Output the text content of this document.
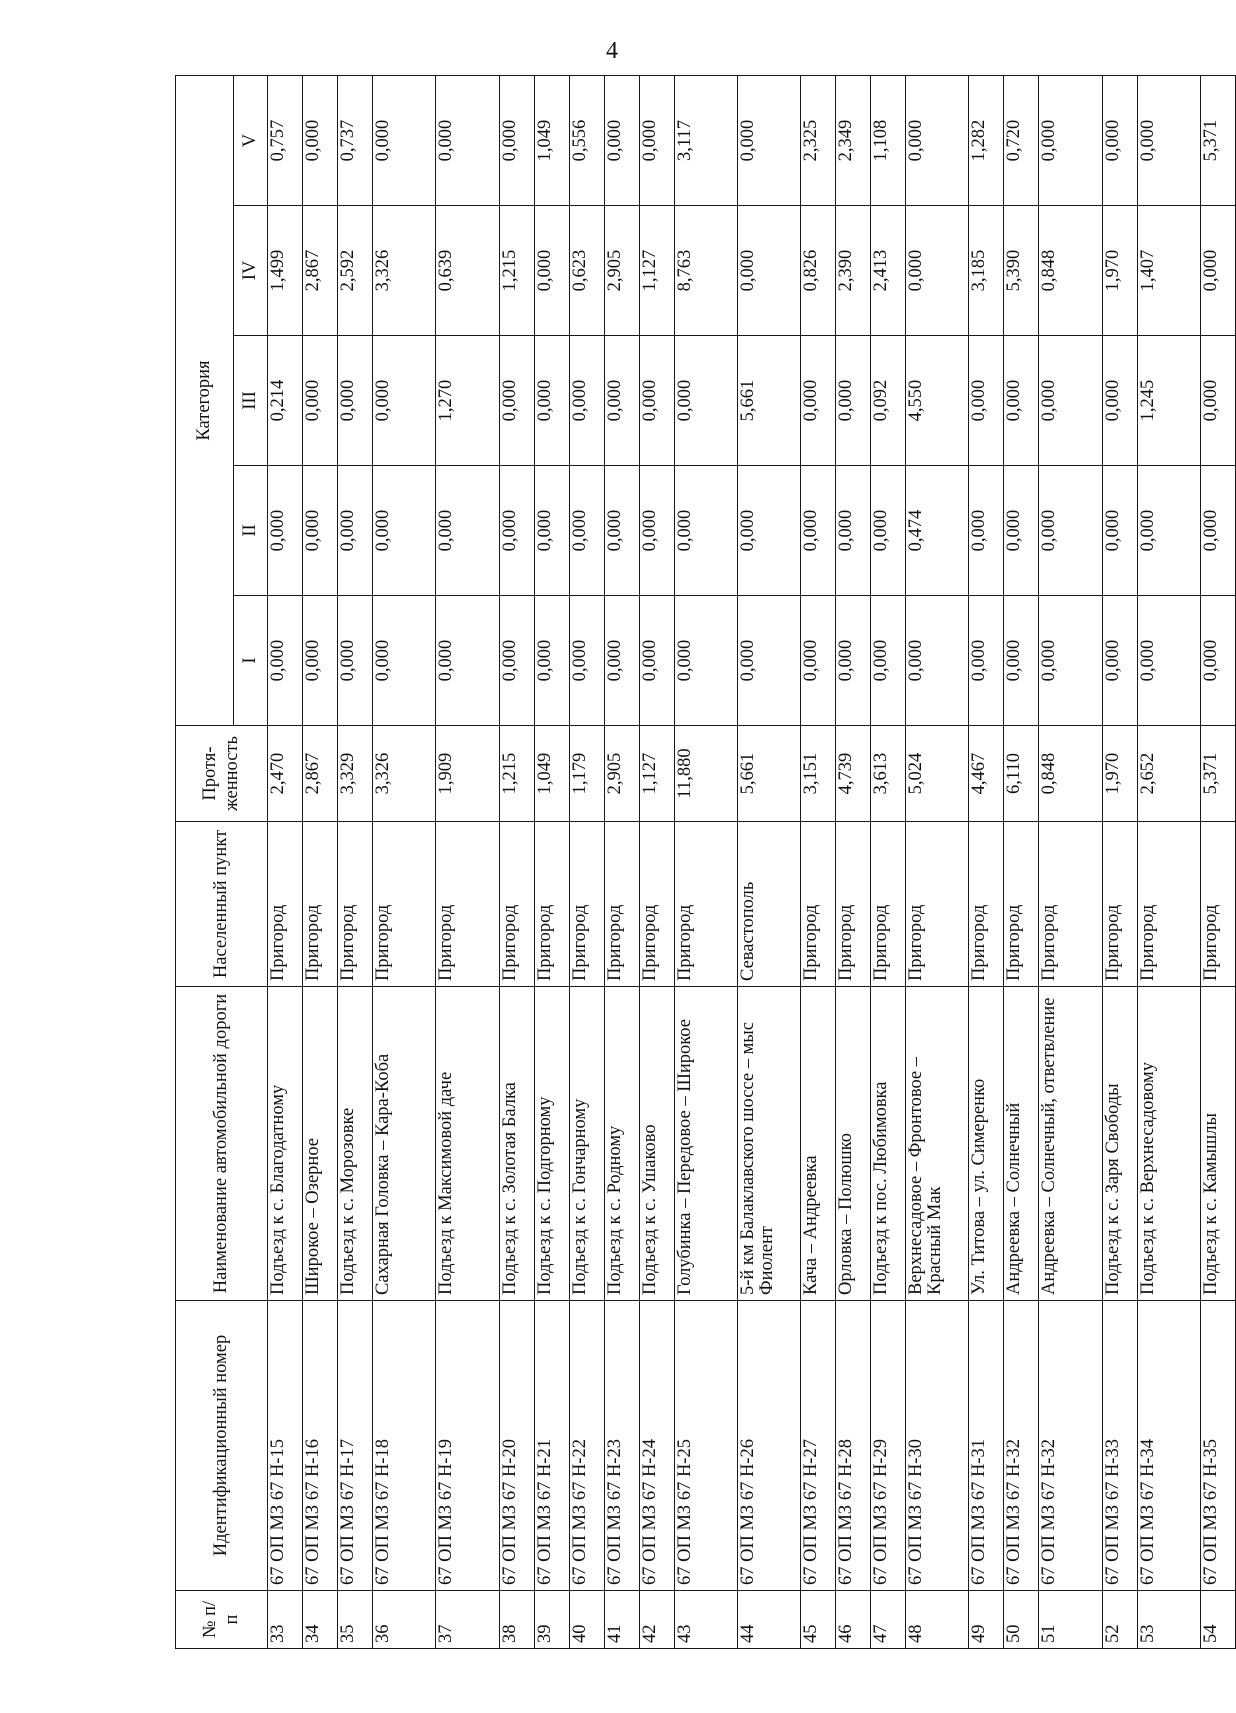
4
№ п/п	Идентификационный номер	Наименование автомобильной дороги	Населенный пункт	Протя-женность	Категория				
					I	II	III	IV	V
33	67 ОП МЗ 67 Н-15	Подъезд к с. Благодатному	Пригород	2,470	0,000	0,000	0,214	1,499	0,757
34	67 ОП МЗ 67 Н-16	Широкое – Озерное	Пригород	2,867	0,000	0,000	0,000	2,867	0,000
35	67 ОП МЗ 67 Н-17	Подъезд к с. Морозовке	Пригород	3,329	0,000	0,000	0,000	2,592	0,737
36	67 ОП МЗ 67 Н-18	Сахарная Головка – Кара-Коба	Пригород	3,326	0,000	0,000	0,000	3,326	0,000
37	67 ОП МЗ 67 Н-19	Подъезд к Максимовой даче	Пригород	1,909	0,000	0,000	1,270	0,639	0,000
38	67 ОП МЗ 67 Н-20	Подъезд к с. Золотая Балка	Пригород	1,215	0,000	0,000	0,000	1,215	0,000
39	67 ОП МЗ 67 Н-21	Подъезд к с. Подгорному	Пригород	1,049	0,000	0,000	0,000	0,000	1,049
40	67 ОП МЗ 67 Н-22	Подъезд к с. Гончарному	Пригород	1,179	0,000	0,000	0,000	0,623	0,556
41	67 ОП МЗ 67 Н-23	Подъезд к с. Родному	Пригород	2,905	0,000	0,000	0,000	2,905	0,000
42	67 ОП МЗ 67 Н-24	Подъезд к с. Ушаково	Пригород	1,127	0,000	0,000	0,000	1,127	0,000
43	67 ОП МЗ 67 Н-25	Голубинка – Передовое – Широкое	Пригород	11,880	0,000	0,000	0,000	8,763	3,117
44	67 ОП МЗ 67 Н-26	5-й км Балаклавского шоссе – мыс Фиолент	Севастополь	5,661	0,000	0,000	5,661	0,000	0,000
45	67 ОП МЗ 67 Н-27	Кача – Андреевка	Пригород	3,151	0,000	0,000	0,000	0,826	2,325
46	67 ОП МЗ 67 Н-28	Орловка – Полюшко	Пригород	4,739	0,000	0,000	0,000	2,390	2,349
47	67 ОП МЗ 67 Н-29	Подъезд к пос. Любимовка	Пригород	3,613	0,000	0,000	0,092	2,413	1,108
48	67 ОП МЗ 67 Н-30	Верхнесадовое – Фронтовое – Красный Мак	Пригород	5,024	0,000	0,474	4,550	0,000	0,000
49	67 ОП МЗ 67 Н-31	Ул. Титова – ул. Симеренко	Пригород	4,467	0,000	0,000	0,000	3,185	1,282
50	67 ОП МЗ 67 Н-32	Андреевка – Солнечный	Пригород	6,110	0,000	0,000	0,000	5,390	0,720
51	67 ОП МЗ 67 Н-32	Андреевка – Солнечный, ответвление	Пригород	0,848	0,000	0,000	0,000	0,848	0,000
52	67 ОП МЗ 67 Н-33	Подъезд к с. Заря Свободы	Пригород	1,970	0,000	0,000	0,000	1,970	0,000
53	67 ОП МЗ 67 Н-34	Подъезд к с. Верхнесадовому	Пригород	2,652	0,000	0,000	1,245	1,407	0,000
54	67 ОП МЗ 67 Н-35	Подъезд к с. Камышлы	Пригород	5,371	0,000	0,000	0,000	0,000	5,371
